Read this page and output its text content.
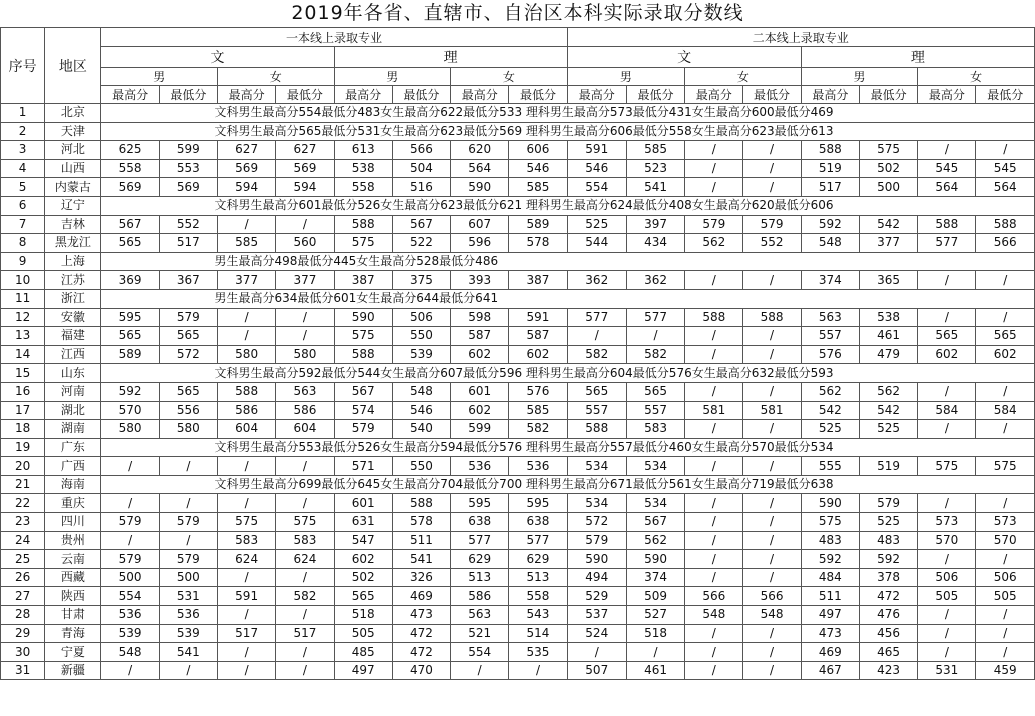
2019年各省、直辖市、自治区本科实际录取分数线
序号	地区	一本线上录取专业								二本线上录取专业							
		文				理				文				理			
		男		女		男		女		男		女		男		女	
		最高分	最低分	最高分	最低分	最高分	最低分	最高分	最低分	最高分	最低分	最高分	最低分	最高分	最低分	最高分	最低分
1	北京	文科男生最高分554最低分483女生最高分622最低分533 理科男生最高分573最低分431女生最高分600最低分469															
2	天津	文科男生最高分565最低分531女生最高分623最低分569 理科男生最高分606最低分558女生最高分623最低分613															
3	河北	625	599	627	627	613	566	620	606	591	585	/	/	588	575	/	/
4	山西	558	553	569	569	538	504	564	546	546	523	/	/	519	502	545	545
5	内蒙古	569	569	594	594	558	516	590	585	554	541	/	/	517	500	564	564
6	辽宁	文科男生最高分601最低分526女生最高分623最低分621 理科男生最高分624最低分408女生最高分620最低分606															
7	吉林	567	552	/	/	588	567	607	589	525	397	579	579	592	542	588	588
8	黑龙江	565	517	585	560	575	522	596	578	544	434	562	552	548	377	577	566
9	上海	男生最高分498最低分445女生最高分528最低分486															
10	江苏	369	367	377	377	387	375	393	387	362	362	/	/	374	365	/	/
11	浙江	男生最高分634最低分601女生最高分644最低分641															
12	安徽	595	579	/	/	590	506	598	591	577	577	588	588	563	538	/	/
13	福建	565	565	/	/	575	550	587	587	/	/	/	/	557	461	565	565
14	江西	589	572	580	580	588	539	602	602	582	582	/	/	576	479	602	602
15	山东	文科男生最高分592最低分544女生最高分607最低分596 理科男生最高分604最低分576女生最高分632最低分593															
16	河南	592	565	588	563	567	548	601	576	565	565	/	/	562	562	/	/
17	湖北	570	556	586	586	574	546	602	585	557	557	581	581	542	542	584	584
18	湖南	580	580	604	604	579	540	599	582	588	583	/	/	525	525	/	/
19	广东	文科男生最高分553最低分526女生最高分594最低分576 理科男生最高分557最低分460女生最高分570最低分534															
20	广西	/	/	/	/	571	550	536	536	534	534	/	/	555	519	575	575
21	海南	文科男生最高分699最低分645女生最高分704最低分700 理科男生最高分671最低分561女生最高分719最低分638															
22	重庆	/	/	/	/	601	588	595	595	534	534	/	/	590	579	/	/
23	四川	579	579	575	575	631	578	638	638	572	567	/	/	575	525	573	573
24	贵州	/	/	583	583	547	511	577	577	579	562	/	/	483	483	570	570
25	云南	579	579	624	624	602	541	629	629	590	590	/	/	592	592	/	/
26	西藏	500	500	/	/	502	326	513	513	494	374	/	/	484	378	506	506
27	陕西	554	531	591	582	565	469	586	558	529	509	566	566	511	472	505	505
28	甘肃	536	536	/	/	518	473	563	543	537	527	548	548	497	476	/	/
29	青海	539	539	517	517	505	472	521	514	524	518	/	/	473	456	/	/
30	宁夏	548	541	/	/	485	472	554	535	/	/	/	/	469	465	/	/
31	新疆	/	/	/	/	497	470	/	/	507	461	/	/	467	423	531	459
